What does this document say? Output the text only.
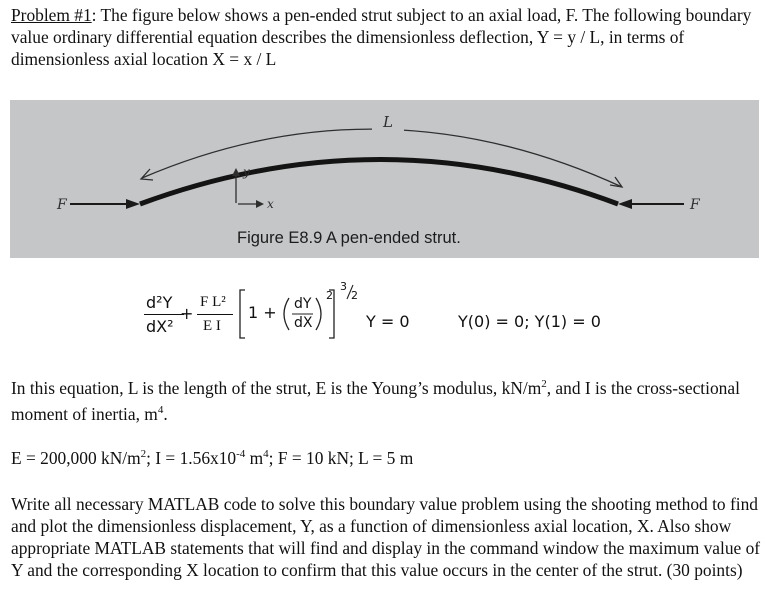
Problem #1: The figure below shows a pen-ended strut subject to an axial load, F. The following boundary value ordinary differential equation describes the dimensionless deflection, Y = y / L, in terms of dimensionless axial location X = x / L

L
F	F
y
x
Figure E8.9 A pen-ended strut.
d²Y
dX²
+
F L²
E I
1 + dY
dX
2
3
2
Y = 0	Y(0) = 0; Y(1) = 0

In this equation, L is the length of the strut, E is the Young’s modulus, $kN/m^2$, and I is the cross-sectional moment of inertia, $m^4$.

E = 200,000 $kN/m^2$; $I = 1.56x10^{-4}$ $m^4$; F = 10 kN; L = 5 m

Write all necessary MATLAB code to solve this boundary value problem using the shooting method to find and plot the dimensionless displacement, Y, as a function of dimensionless axial location, X. Also show appropriate MATLAB statements that will find and display in the command window the maximum value of Y and the corresponding X location to confirm that this value occurs in the center of the strut. (30 points)
